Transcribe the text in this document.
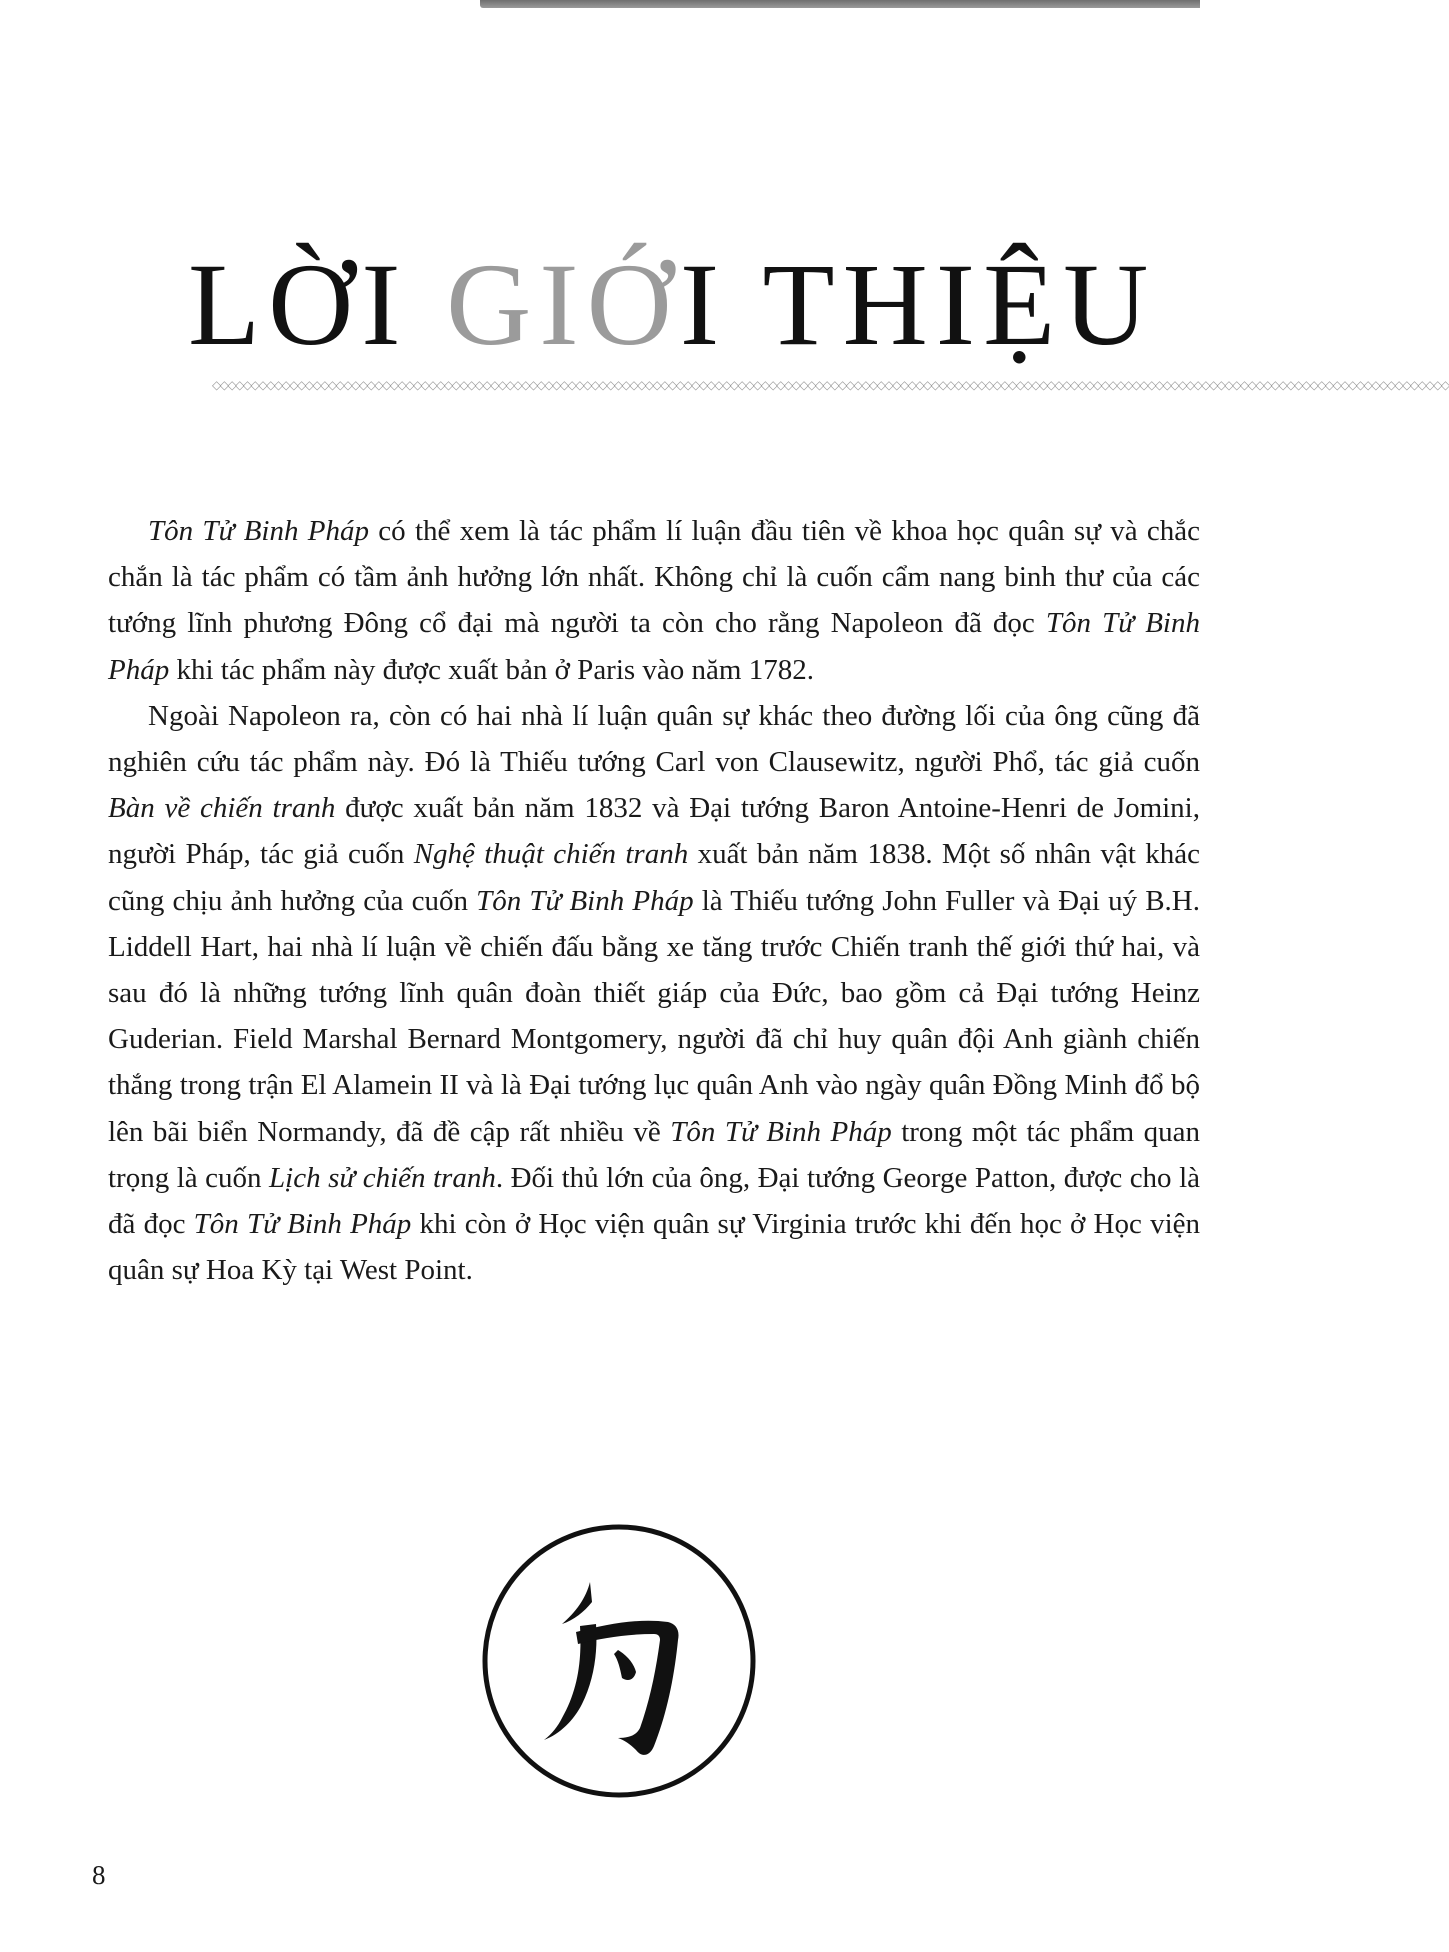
LỜI GIỚI THIỆU
◇◇◇◇◇◇◇◇◇◇◇◇◇◇◇◇◇◇◇◇◇◇◇◇◇◇◇◇◇◇◇◇◇◇◇◇◇◇◇◇◇◇◇◇◇◇◇◇◇◇◇◇◇◇◇◇◇◇◇◇◇◇◇◇◇◇◇◇◇◇◇◇◇◇◇◇◇◇◇◇◇◇◇◇◇◇◇◇◇◇◇◇◇◇◇◇◇◇◇◇◇◇◇◇◇◇◇◇◇◇◇◇◇◇◇◇◇◇◇◇◇◇◇◇◇◇◇◇◇◇◇◇◇◇◇◇◇◇◇◇◇◇◇◇◇◇◇◇◇◇◇◇◇◇◇◇◇◇◇◇

Tôn Tử Binh Pháp có thể xem là tác phẩm lí luận đầu tiên về khoa học quân sự và chắc chắn là tác phẩm có tầm ảnh hưởng lớn nhất. Không chỉ là cuốn cẩm nang binh thư của các tướng lĩnh phương Đông cổ đại mà người ta còn cho rằng Napoleon đã đọc Tôn Tử Binh Pháp khi tác phẩm này được xuất bản ở Paris vào năm 1782.

Ngoài Napoleon ra, còn có hai nhà lí luận quân sự khác theo đường lối của ông cũng đã nghiên cứu tác phẩm này. Đó là Thiếu tướng Carl von Clausewitz, người Phổ, tác giả cuốn Bàn về chiến tranh được xuất bản năm 1832 và Đại tướng Baron Antoine-Henri de Jomini, người Pháp, tác giả cuốn Nghệ thuật chiến tranh xuất bản năm 1838. Một số nhân vật khác cũng chịu ảnh hưởng của cuốn Tôn Tử Binh Pháp là Thiếu tướng John Fuller và Đại uý B.H. Liddell Hart, hai nhà lí luận về chiến đấu bằng xe tăng trước Chiến tranh thế giới thứ hai, và sau đó là những tướng lĩnh quân đoàn thiết giáp của Đức, bao gồm cả Đại tướng Heinz Guderian. Field Marshal Bernard Montgomery, người đã chỉ huy quân đội Anh giành chiến thắng trong trận El Alamein II và là Đại tướng lục quân Anh vào ngày quân Đồng Minh đổ bộ lên bãi biển Normandy, đã đề cập rất nhiều về Tôn Tử Binh Pháp trong một tác phẩm quan trọng là cuốn Lịch sử chiến tranh. Đối thủ lớn của ông, Đại tướng George Patton, được cho là đã đọc Tôn Tử Binh Pháp khi còn ở Học viện quân sự Virginia trước khi đến học ở Học viện quân sự Hoa Kỳ tại West Point.

8
